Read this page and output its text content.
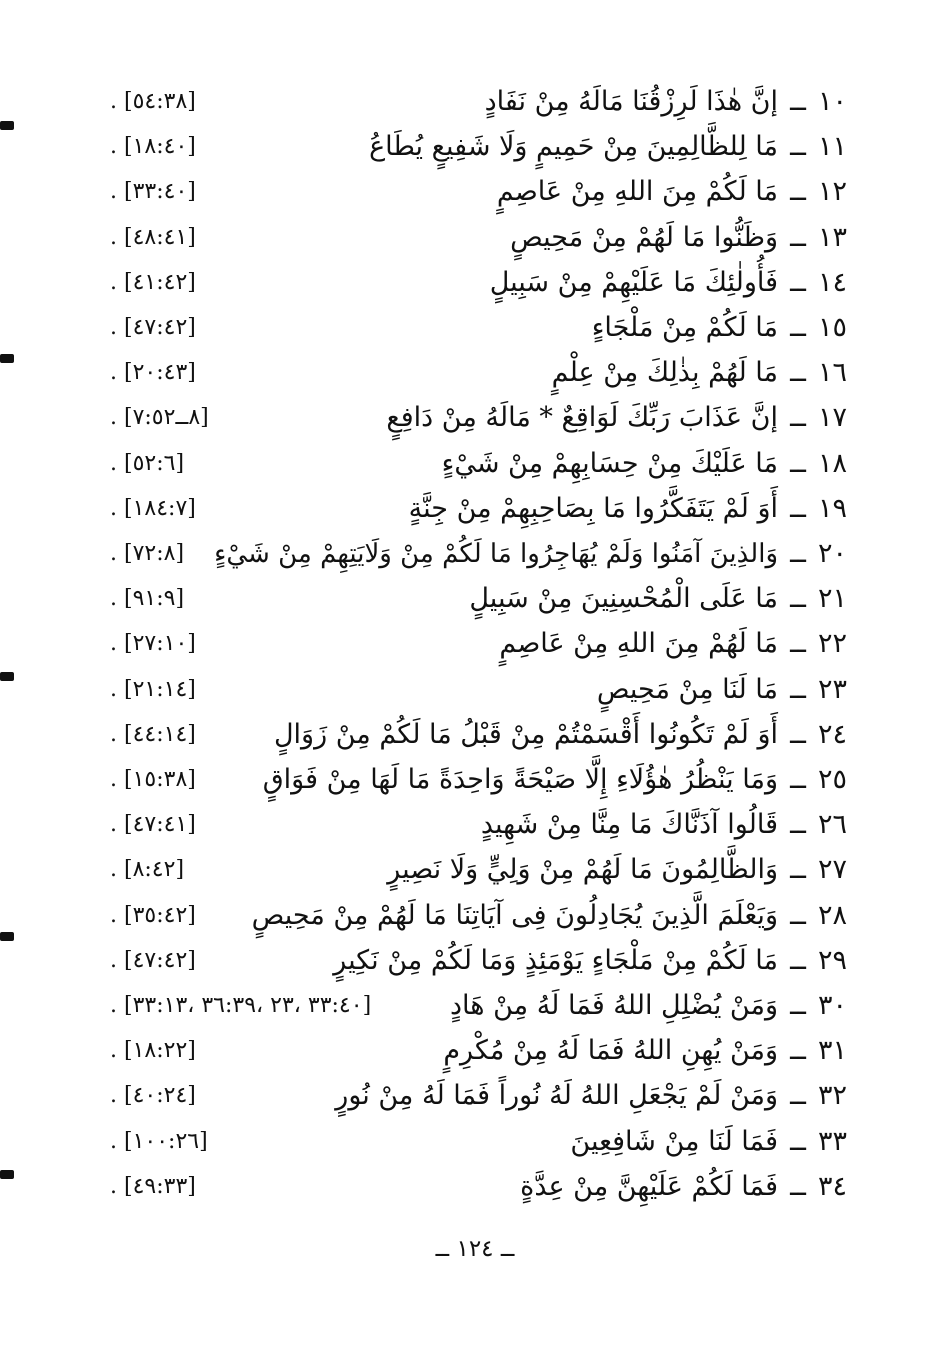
١٠ــإنَّ هٰذَا لَرِزْقُنَا مَالَهُ مِنْ نَفَادٍ
. [٥٤:٣٨]
١١ــمَا لِلظَّالِمِينَ مِنْ حَمِيمٍ وَلَا شَفِيعٍ يُطَاعُ
. [١٨:٤٠]
١٢ــمَا لَكُمْ مِنَ اللهِ مِنْ عَاصِمٍ
. [٣٣:٤٠]
١٣ــوَظَنُّوا مَا لَهُمْ مِنْ مَحِيصٍ
. [٤٨:٤١]
١٤ــفَأُولٰئِكَ مَا عَلَيْهِمْ مِنْ سَبِيلٍ
. [٤١:٤٢]
١٥ــمَا لَكُمْ مِنْ مَلْجَاءٍ
. [٤٧:٤٢]
١٦ــمَا لَهُمْ بِذٰلِكَ مِنْ عِلْمٍ
. [٢٠:٤٣]
١٧ــإنَّ عَذَابَ رَبِّكَ لَوَاقِعٌ * مَالَهُ مِنْ دَافِعٍ
. [٨ــ٧:٥٢]
١٨ــمَا عَلَيْكَ مِنْ حِسَابِهِمْ مِنْ شَيْءٍ
. [٥٢:٦]
١٩ــأَوَ لَمْ يَتَفَكَّرُوا مَا بِصَاحِبِهِمْ مِنْ جِنَّةٍ
. [١٨٤:٧]
٢٠ــوَالذِينَ آمَنُوا وَلَمْ يُهَاجِرُوا مَا لَكُمْ مِنْ وَلَايَتِهِمْ مِنْ شَيْءٍ
. [٧٢:٨]
٢١ــمَا عَلَى الْمُحْسِنِينَ مِنْ سَبِيلٍ
. [٩١:٩]
٢٢ــمَا لَهُمْ مِنَ اللهِ مِنْ عَاصِمٍ
. [٢٧:١٠]
٢٣ــمَا لَنَا مِنْ مَحِيصٍ
. [٢١:١٤]
٢٤ــأَوَ لَمْ تَكُونُوا أَقْسَمْتُمْ مِنْ قَبْلُ مَا لَكُمْ مِنْ زَوَالٍ
. [٤٤:١٤]
٢٥ــوَمَا يَنْظُرُ هٰؤُلَاءِ إِلَّا صَيْحَةً وَاحِدَةً مَا لَهَا مِنْ فَوَاقٍ
. [١٥:٣٨]
٢٦ــقَالُوا آذَنَّاكَ مَا مِنَّا مِنْ شَهِيدٍ
. [٤٧:٤١]
٢٧ــوَالظَّالِمُونَ مَا لَهُمْ مِنْ وَلِيٍّ وَلَا نَصِيرٍ
. [٨:٤٢]
٢٨ــوَيَعْلَمَ الَّذِينَ يُجَادِلُونَ فِى آيَاتِنَا مَا لَهُمْ مِنْ مَحِيصٍ
. [٣٥:٤٢]
٢٩ــمَا لَكُمْ مِنْ مَلْجَاءٍ يَوْمَئِذٍ وَمَا لَكُمْ مِنْ نَكِيرٍ
. [٤٧:٤٢]
٣٠ــوَمَنْ يُضْلِلِ اللهُ فَمَا لَهُ مِنْ هَادٍ
. [٣٣:٤٠ ،٢٣ ،٣٦:٣٩ ،٣٣:١٣]
٣١ــوَمَنْ يُهِنِ اللهُ فَمَا لَهُ مِنْ مُكْرِمٍ
. [١٨:٢٢]
٣٢ــوَمَنْ لَمْ يَجْعَلِ اللهُ لَهُ نُوراً فَمَا لَهُ مِنْ نُورٍ
. [٤٠:٢٤]
٣٣ــفَمَا لَنَا مِنْ شَافِعِينَ
. [١٠٠:٢٦]
٣٤ــفَمَا لَكُمْ عَلَيْهِنَّ مِنْ عِدَّةٍ
. [٤٩:٣٣]
ــ ١٢٤ ــ
